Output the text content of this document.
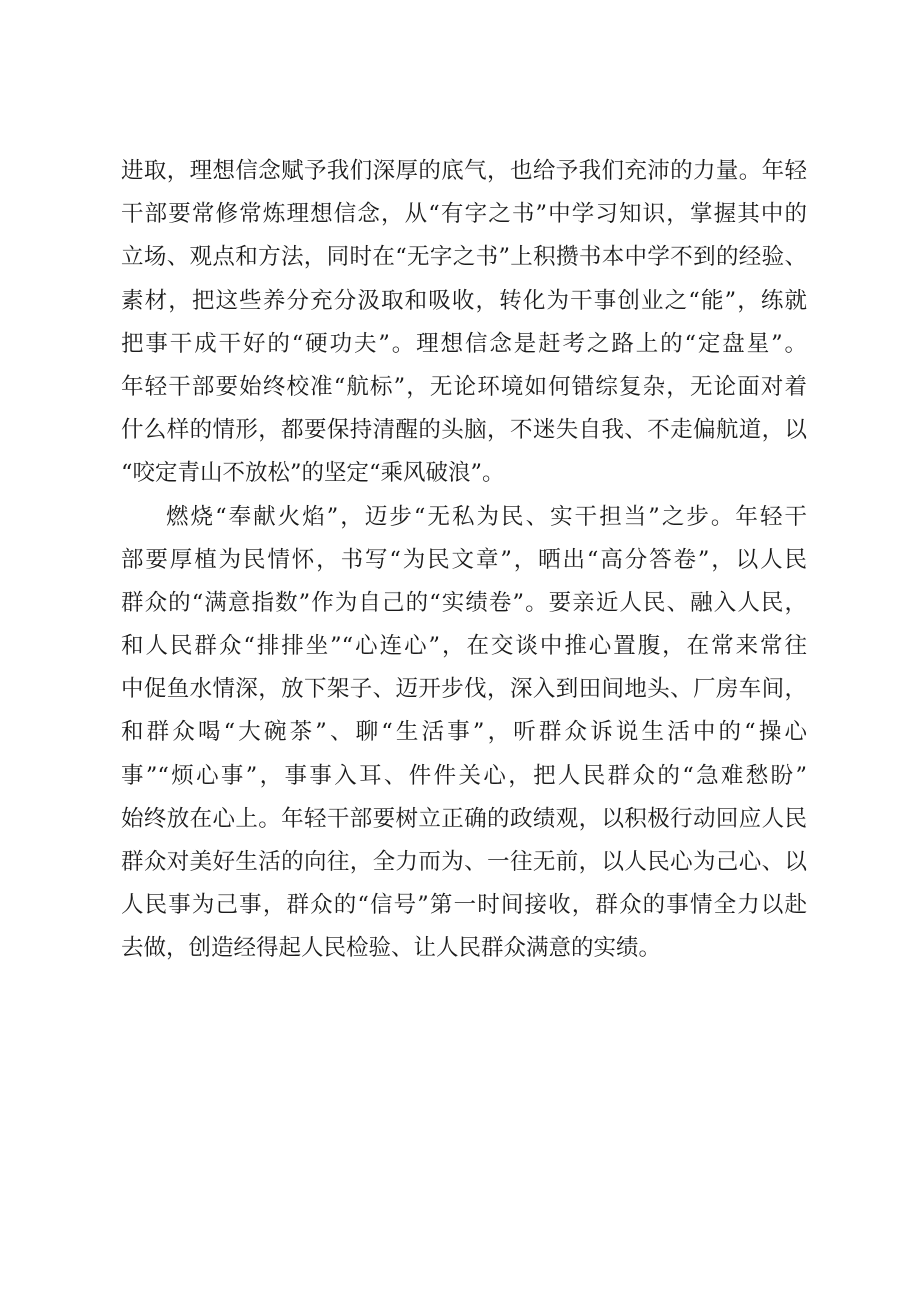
进取，理想信念赋予我们深厚的底气，也给予我们充沛的力量。年轻
干部要常修常炼理想信念，从“有字之书”中学习知识，掌握其中的
立场、观点和方法，同时在“无字之书”上积攒书本中学不到的经验、
素材，把这些养分充分汲取和吸收，转化为干事创业之“能”，练就
把事干成干好的“硬功夫”。理想信念是赶考之路上的“定盘星”。
年轻干部要始终校准“航标”，无论环境如何错综复杂，无论面对着
什么样的情形，都要保持清醒的头脑，不迷失自我、不走偏航道，以
“咬定青山不放松”的坚定“乘风破浪”。
燃烧“奉献火焰”，迈步“无私为民、实干担当”之步。年轻干
部要厚植为民情怀，书写“为民文章”，晒出“高分答卷”，以人民
群众的“满意指数”作为自己的“实绩卷”。要亲近人民、融入人民，
和人民群众“排排坐”“心连心”，在交谈中推心置腹，在常来常往
中促鱼水情深，放下架子、迈开步伐，深入到田间地头、厂房车间，
和群众喝“大碗茶”、聊“生活事”，听群众诉说生活中的“操心
事”“烦心事”，事事入耳、件件关心，把人民群众的“急难愁盼”
始终放在心上。年轻干部要树立正确的政绩观，以积极行动回应人民
群众对美好生活的向往，全力而为、一往无前，以人民心为己心、以
人民事为己事，群众的“信号”第一时间接收，群众的事情全力以赴
去做，创造经得起人民检验、让人民群众满意的实绩。
